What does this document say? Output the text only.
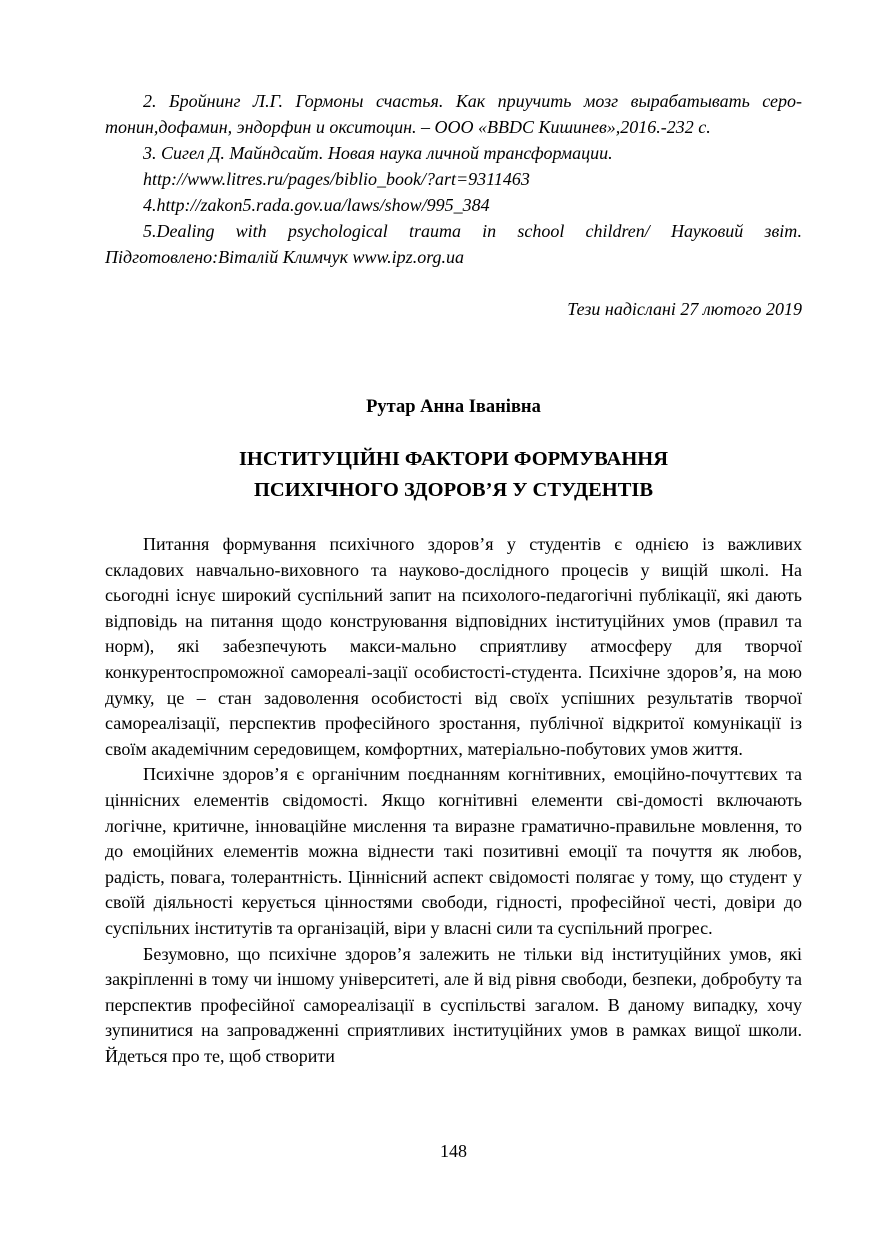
2. Бройнинг Л.Г. Гормоны счастья. Как приучить мозг вырабатывать серо-тонин,дофамин, эндорфин и окситоцин. – ООО «BBDC Кишинев»,2016.-232 с.

3. Сигел Д. Майндсайт. Новая наука личной трансформации.

http://www.litres.ru/pages/biblio_book/?art=9311463

4.http://zakon5.rada.gov.ua/laws/show/995_384

5.Dealing with psychological trauma in school children/ Науковий звіт. Підготовлено:Віталій Климчук www.ipz.org.ua

Тези надіслані 27 лютого 2019

Рутар Анна Іванівна

ІНСТИТУЦІЙНІ ФАКТОРИ ФОРМУВАННЯ
ПСИХІЧНОГО ЗДОРОВ’Я У СТУДЕНТІВ

Питання формування психічного здоров’я у студентів є однією із важливих складових навчально-виховного та науково-дослідного процесів у вищій школі. На сьогодні існує широкий суспільний запит на психолого-педагогічні публікації, які дають відповідь на питання щодо конструювання відповідних інституційних умов (правил та норм), які забезпечують макси-мально сприятливу атмосферу для творчої конкурентоспроможної самореалі-зації особистості-студента. Психічне здоров’я, на мою думку, це – стан задоволення особистості від своїх успішних результатів творчої самореалізації, перспектив професійного зростання, публічної відкритої комунікації із своїм академічним середовищем, комфортних, матеріально-побутових умов життя.

Психічне здоров’я є органічним поєднанням когнітивних, емоційно-почуттєвих та ціннісних елементів свідомості. Якщо когнітивні елементи сві-домості включають логічне, критичне, інноваційне мислення та виразне граматично-правильне мовлення, то до емоційних елементів можна віднести такі позитивні емоції та почуття як любов, радість, повага, толерантність. Ціннісний аспект свідомості полягає у тому, що студент у своїй діяльності керується цінностями свободи, гідності, професійної честі, довіри до суспільних інститутів та організацій, віри у власні сили та суспільний прогрес.

Безумовно, що психічне здоров’я залежить не тільки від інституційних умов, які закріпленні в тому чи іншому університеті, але й від рівня свободи, безпеки, добробуту та перспектив професійної самореалізації в суспільстві загалом. В даному випадку, хочу зупинитися на запровадженні сприятливих інституційних умов в рамках вищої школи. Йдеться про те, щоб створити

148
